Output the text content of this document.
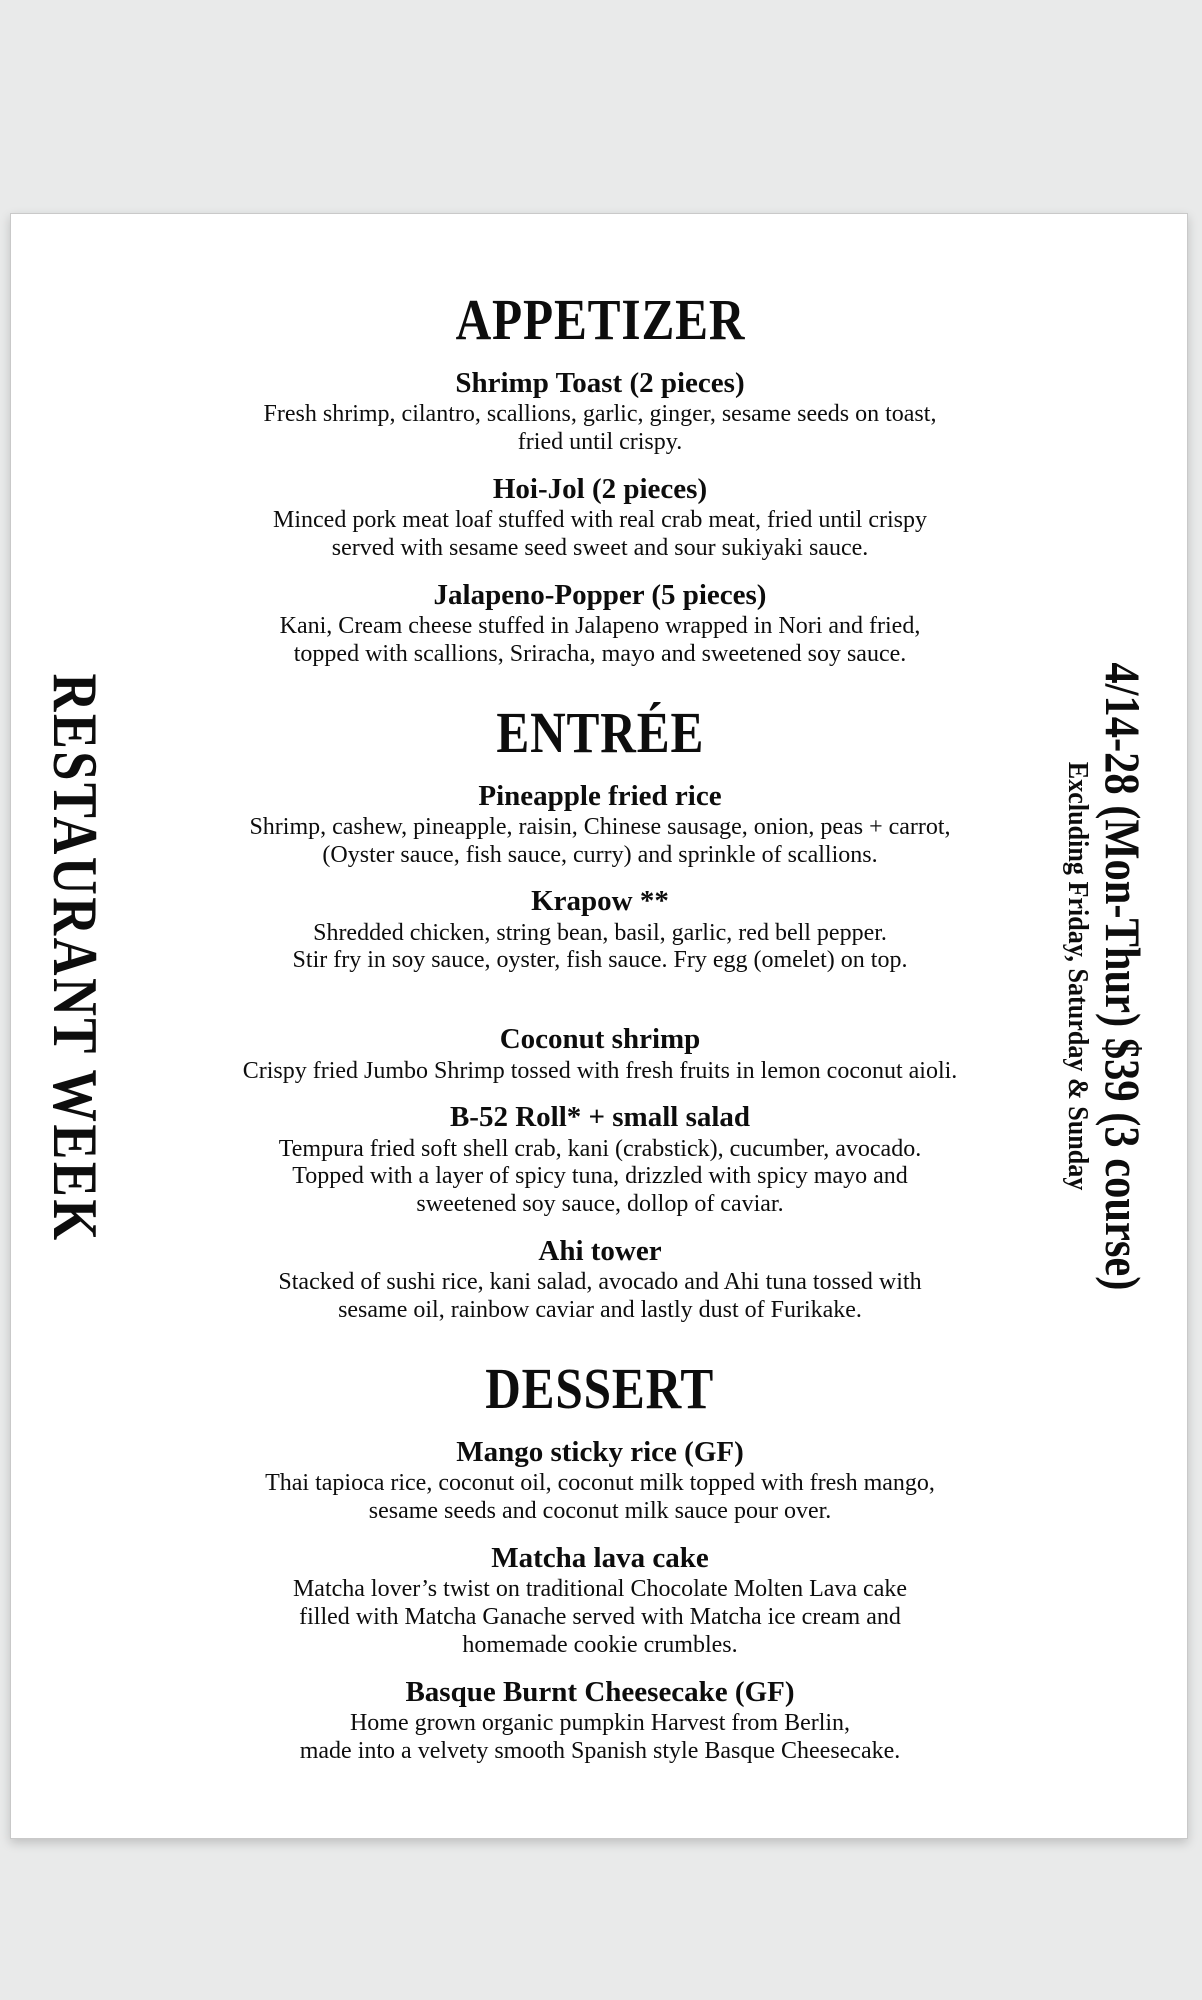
RESTAURANT WEEK	4/14-28 (Mon-Thur) $39 (3 course)
Excluding Friday, Saturday & Sunday
APPETIZER
Shrimp Toast (2 pieces)
Fresh shrimp, cilantro, scallions, garlic, ginger, sesame seeds on toast,
fried until crispy.
Hoi-Jol (2 pieces)
Minced pork meat loaf stuffed with real crab meat, fried until crispy
served with sesame seed sweet and sour sukiyaki sauce.
Jalapeno-Popper (5 pieces)
Kani, Cream cheese stuffed in Jalapeno wrapped in Nori and fried,
topped with scallions, Sriracha, mayo and sweetened soy sauce.
ENTRÉE
Pineapple fried rice
Shrimp, cashew, pineapple, raisin, Chinese sausage, onion, peas + carrot,
(Oyster sauce, fish sauce, curry) and sprinkle of scallions.
Krapow **
Shredded chicken, string bean, basil, garlic, red bell pepper.
Stir fry in soy sauce, oyster, fish sauce. Fry egg (omelet) on top.
Coconut shrimp
Crispy fried Jumbo Shrimp tossed with fresh fruits in lemon coconut aioli.
B-52 Roll* + small salad
Tempura fried soft shell crab, kani (crabstick), cucumber, avocado.
Topped with a layer of spicy tuna, drizzled with spicy mayo and
sweetened soy sauce, dollop of caviar.
Ahi tower
Stacked of sushi rice, kani salad, avocado and Ahi tuna tossed with
sesame oil, rainbow caviar and lastly dust of Furikake.
DESSERT
Mango sticky rice (GF)
Thai tapioca rice, coconut oil, coconut milk topped with fresh mango,
sesame seeds and coconut milk sauce pour over.
Matcha lava cake
Matcha lover’s twist on traditional Chocolate Molten Lava cake
filled with Matcha Ganache served with Matcha ice cream and
homemade cookie crumbles.
Basque Burnt Cheesecake (GF)
Home grown organic pumpkin Harvest from Berlin,
made into a velvety smooth Spanish style Basque Cheesecake.
